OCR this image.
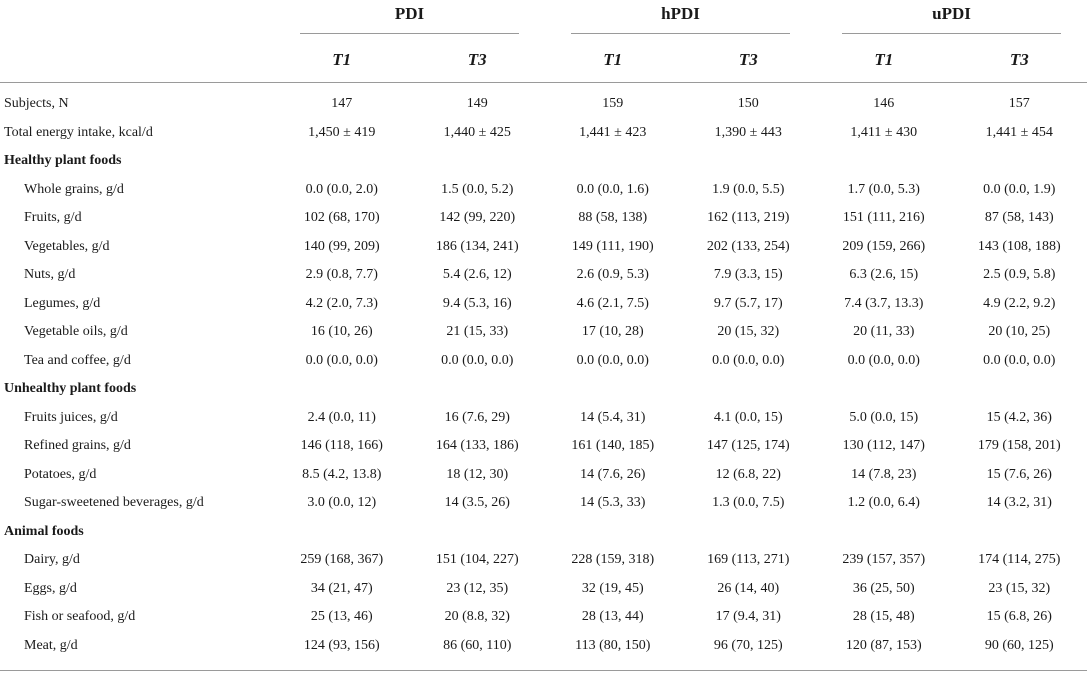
	PDI		hPDI		uPDI	

	T1	T3	T1	T3	T1	T3

Subjects, N	147	149	159	150	146	157
Total energy intake, kcal/d	1,450 ± 419	1,440 ± 425	1,441 ± 423	1,390 ± 443	1,411 ± 430	1,441 ± 454
Healthy plant foods						
Whole grains, g/d	0.0 (0.0, 2.0)	1.5 (0.0, 5.2)	0.0 (0.0, 1.6)	1.9 (0.0, 5.5)	1.7 (0.0, 5.3)	0.0 (0.0, 1.9)
Fruits, g/d	102 (68, 170)	142 (99, 220)	88 (58, 138)	162 (113, 219)	151 (111, 216)	87 (58, 143)
Vegetables, g/d	140 (99, 209)	186 (134, 241)	149 (111, 190)	202 (133, 254)	209 (159, 266)	143 (108, 188)
Nuts, g/d	2.9 (0.8, 7.7)	5.4 (2.6, 12)	2.6 (0.9, 5.3)	7.9 (3.3, 15)	6.3 (2.6, 15)	2.5 (0.9, 5.8)
Legumes, g/d	4.2 (2.0, 7.3)	9.4 (5.3, 16)	4.6 (2.1, 7.5)	9.7 (5.7, 17)	7.4 (3.7, 13.3)	4.9 (2.2, 9.2)
Vegetable oils, g/d	16 (10, 26)	21 (15, 33)	17 (10, 28)	20 (15, 32)	20 (11, 33)	20 (10, 25)
Tea and coffee, g/d	0.0 (0.0, 0.0)	0.0 (0.0, 0.0)	0.0 (0.0, 0.0)	0.0 (0.0, 0.0)	0.0 (0.0, 0.0)	0.0 (0.0, 0.0)
Unhealthy plant foods						
Fruits juices, g/d	2.4 (0.0, 11)	16 (7.6, 29)	14 (5.4, 31)	4.1 (0.0, 15)	5.0 (0.0, 15)	15 (4.2, 36)
Refined grains, g/d	146 (118, 166)	164 (133, 186)	161 (140, 185)	147 (125, 174)	130 (112, 147)	179 (158, 201)
Potatoes, g/d	8.5 (4.2, 13.8)	18 (12, 30)	14 (7.6, 26)	12 (6.8, 22)	14 (7.8, 23)	15 (7.6, 26)
Sugar-sweetened beverages, g/d	3.0 (0.0, 12)	14 (3.5, 26)	14 (5.3, 33)	1.3 (0.0, 7.5)	1.2 (0.0, 6.4)	14 (3.2, 31)
Animal foods						
Dairy, g/d	259 (168, 367)	151 (104, 227)	228 (159, 318)	169 (113, 271)	239 (157, 357)	174 (114, 275)
Eggs, g/d	34 (21, 47)	23 (12, 35)	32 (19, 45)	26 (14, 40)	36 (25, 50)	23 (15, 32)
Fish or seafood, g/d	25 (13, 46)	20 (8.8, 32)	28 (13, 44)	17 (9.4, 31)	28 (15, 48)	15 (6.8, 26)
Meat, g/d	124 (93, 156)	86 (60, 110)	113 (80, 150)	96 (70, 125)	120 (87, 153)	90 (60, 125)
